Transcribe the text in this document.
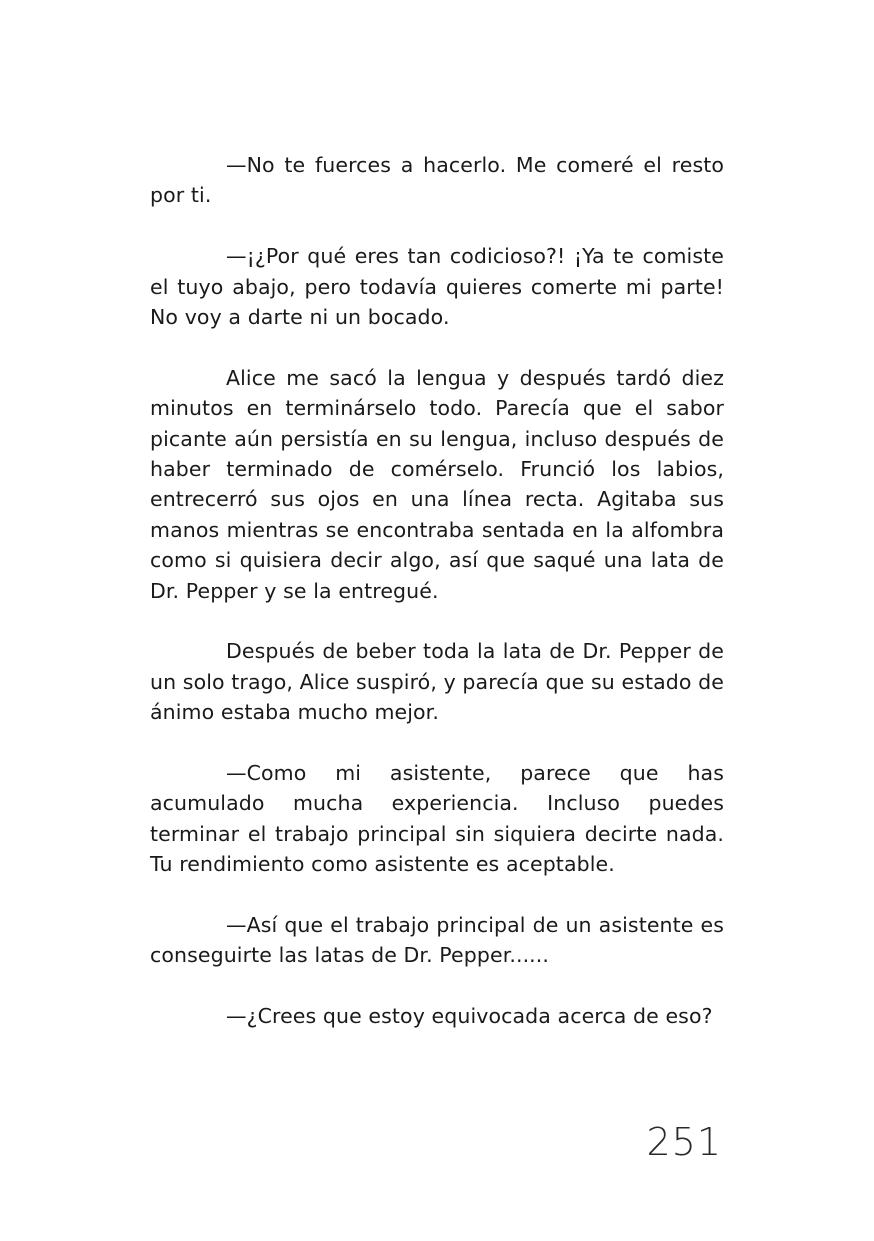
—No te fuerces a hacerlo. Me comeré el resto por ti.

—¡¿Por qué eres tan codicioso?! ¡Ya te comiste el tuyo abajo, pero todavía quieres comerte mi parte! No voy a darte ni un bocado.

Alice me sacó la lengua y después tardó diez minutos en terminárselo todo. Parecía que el sabor picante aún persistía en su lengua, incluso después de haber terminado de comérselo. Frunció los labios, entrecerró sus ojos en una línea recta. Agitaba sus manos mientras se encontraba sentada en la alfombra como si quisiera decir algo, así que saqué una lata de Dr. Pepper y se la entregué.

Después de beber toda la lata de Dr. Pepper de un solo trago, Alice suspiró, y parecía que su estado de ánimo estaba mucho mejor.

—Como mi asistente, parece que has acumulado mucha experiencia. Incluso puedes terminar el trabajo principal sin siquiera decirte nada. Tu rendimiento como asistente es aceptable.

—Así que el trabajo principal de un asistente es conseguirte las latas de Dr. Pepper......

—¿Crees que estoy equivocada acerca de eso?

251
